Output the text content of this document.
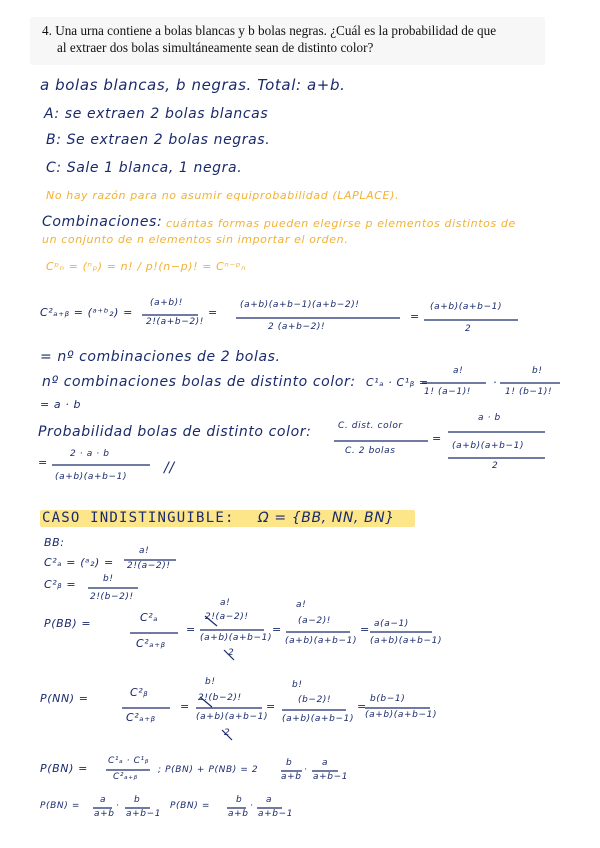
4. Una urna contiene a bolas blancas y b bolas negras. ¿Cuál es la probabilidad de que
al extraer dos bolas simultáneamente sean de distinto color?

a bolas blancas, b negras. Total: a+b.

A: se extraen 2 bolas blancas

B: Se extraen 2 bolas negras.

C: Sale 1 blanca, 1 negra.

No hay razón para no asumir equiprobabilidad (LAPLACE).

Combinaciones: cuántas formas pueden elegirse p elementos distintos de

un conjunto de n elementos sin importar el orden.

Cᵖₙ = (ⁿₚ) = n! / p!(n−p)! = Cⁿ⁻ᵖₙ

C²ₐ₊ᵦ = (ᵃ⁺ᵇ₂) =

(a+b)!

2!(a+b−2)!

=

(a+b)(a+b−1)(a+b−2)!

2 (a+b−2)!

=

(a+b)(a+b−1)

2

= nº combinaciones de 2 bolas.

nº combinaciones bolas de distinto color: C¹ₐ · C¹ᵦ =

a!

1! (a−1)!

·

b!

1! (b−1)!

= a · b

Probabilidad bolas de distinto color:	C. dist. color

C. 2 bolas

=

a · b

(a+b)(a+b−1)

2

=

2 · a · b

(a+b)(a+b−1)

//

CASO INDISTINGUIBLE: Ω = {BB, NN, BN}

BB:

C²ₐ = (ᵃ₂) =

a!

2!(a−2)!

C²ᵦ =	b!

2!(b−2)!

P(BB) =	C²ₐ

C²ₐ₊ᵦ

=

a!

2!(a−2)!

(a+b)(a+b−1)

2

=

a!

(a−2)!

(a+b)(a+b−1)

= a(a−1)

(a+b)(a+b−1)

P(NN) =	C²ᵦ

C²ₐ₊ᵦ

=

b!

2!(b−2)!

(a+b)(a+b−1)

2

=

b!

(b−2)!

(a+b)(a+b−1)

=

b(b−1)

(a+b)(a+b−1)

P(BN) =

C¹ₐ · C¹ᵦ

C²ₐ₊ᵦ

; P(BN) + P(NB) = 2

b

a+b

·

a

a+b−1

P(BN) =

a

a+b

·

b

a+b−1

P(BN) =

b

a+b

·

a

a+b−1
